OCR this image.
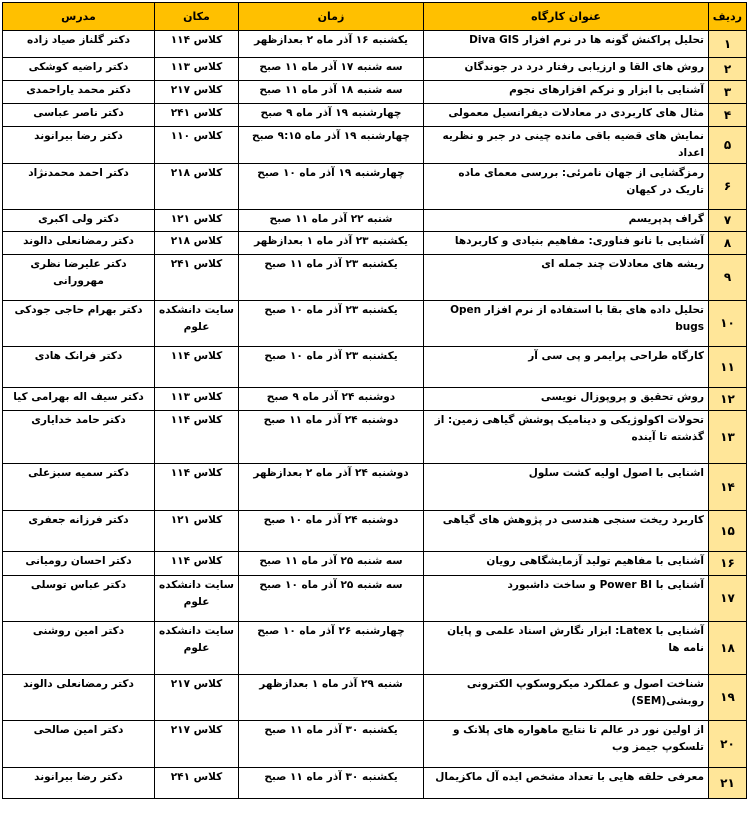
ردیف	عنوان کارگاه	زمان	مکان	مدرس
۱	تحلیل پراکنش گونه ها در نرم افزار Diva GIS	یکشنبه ۱۶ آذر ماه ۲ بعدازظهر	کلاس ۱۱۴	دکتر گلناز صیاد زاده
۲	روش های القا و ارزیابی رفتار درد در جوندگان	سه شنبه ۱۷ آذر ماه ۱۱ صبح	کلاس ۱۱۳	دکتر راضیه کوشکی
۳	آشنایی با ابزار و نرکم افزارهای نجوم	سه شنبه ۱۸ آذر ماه ۱۱ صبح	کلاس ۲۱۷	دکتر محمد یاراحمدی
۴	مثال های کاربردی در معادلات دیفرانسیل معمولی	چهارشنبه ۱۹ آذر ماه ۹ صبح	کلاس ۲۴۱	دکتر ناصر عباسی
۵	نمایش های قضیه باقی مانده چینی در جبر و نظریه اعداد	چهارشنبه ۱۹ آذر ماه ۹:۱۵ صبح	کلاس ۱۱۰	دکتر رضا بیرانوند
۶	رمزگشایی از جهان نامرئی: بررسی معمای ماده تاریک در کیهان	چهارشنبه ۱۹ آذر ماه ۱۰ صبح	کلاس ۲۱۸	دکتر احمد محمدنژاد
۷	گراف پدپریسم	شنبه ۲۲ آذر ماه ۱۱ صبح	کلاس ۱۲۱	دکتر ولی اکبری
۸	آشنایی با نانو فناوری: مفاهیم بنیادی و کاربردها	یکشنبه ۲۳ آذر ماه ۱ بعدازظهر	کلاس ۲۱۸	دکتر رمضانعلی دالوند
۹	ریشه های معادلات چند جمله ای	یکشنبه ۲۳ آذر ماه ۱۱ صبح	کلاس ۲۴۱	دکتر علیرضا نظری مهرورانی
۱۰	تحلیل داده های بقا با استفاده از نرم افزار Open bugs	یکشنبه ۲۳ آذر ماه ۱۰ صبح	سایت دانشکده علوم	دکتر بهرام حاجی جودکی
۱۱	کارگاه طراحی پرایمر و پی سی آر	یکشنبه ۲۳ آذر ماه ۱۰ صبح	کلاس ۱۱۴	دکتر فرانک هادی
۱۲	روش تحقیق و پروپوزال نویسی	دوشنبه ۲۴ آذر ماه ۹ صبح	کلاس ۱۱۳	دکتر سیف اله بهرامی کیا
۱۳	تحولات اکولوژیکی و دینامیک پوشش گیاهی زمین: از گذشته تا آینده	دوشنبه ۲۴ آذر ماه ۱۱ صبح	کلاس ۱۱۴	دکتر حامد خدایاری
۱۴	اشنایی با اصول اولیه کشت سلول	دوشنبه ۲۴ آذر ماه ۲ بعدازظهر	کلاس ۱۱۴	دکتر سمیه سبزعلی
۱۵	کاربرد ریخت سنجی هندسی در پژوهش های گیاهی	دوشنبه ۲۴ آذر ماه ۱۰ صبح	کلاس ۱۲۱	دکتر فرزانه جعفری
۱۶	آشنایی با مفاهیم تولید آزمایشگاهی رویان	سه شنبه ۲۵ آذر ماه ۱۱ صبح	کلاس ۱۱۴	دکتر احسان رومیانی
۱۷	آشنایی با Power BI و ساخت داشبورد	سه شنبه ۲۵ آذر ماه ۱۰ صبح	سایت دانشکده علوم	دکتر عباس توسلی
۱۸	آشنایی با Latex: ابزار نگارش اسناد علمی و پایان نامه ها	چهارشنبه ۲۶ آذر ماه ۱۰ صبح	سایت دانشکده علوم	دکتر امین روشنی
۱۹	شناخت اصول و عملکرد میکروسکوپ الکترونی روبشی(SEM)	شنبه ۲۹ آذر ماه ۱ بعدازظهر	کلاس ۲۱۷	دکتر رمضانعلی دالوند
۲۰	از اولین نور در عالم تا نتایج ماهواره های پلانک و تلسکوپ جیمز وب	یکشنبه ۳۰ آذر ماه ۱۱ صبح	کلاس ۲۱۷	دکتر امین صالحی
۲۱	معرفی حلقه هایی با تعداد مشخص ایده آل ماکزیمال	یکشنبه ۳۰ آذر ماه ۱۱ صبح	کلاس ۲۴۱	دکتر رضا بیرانوند
